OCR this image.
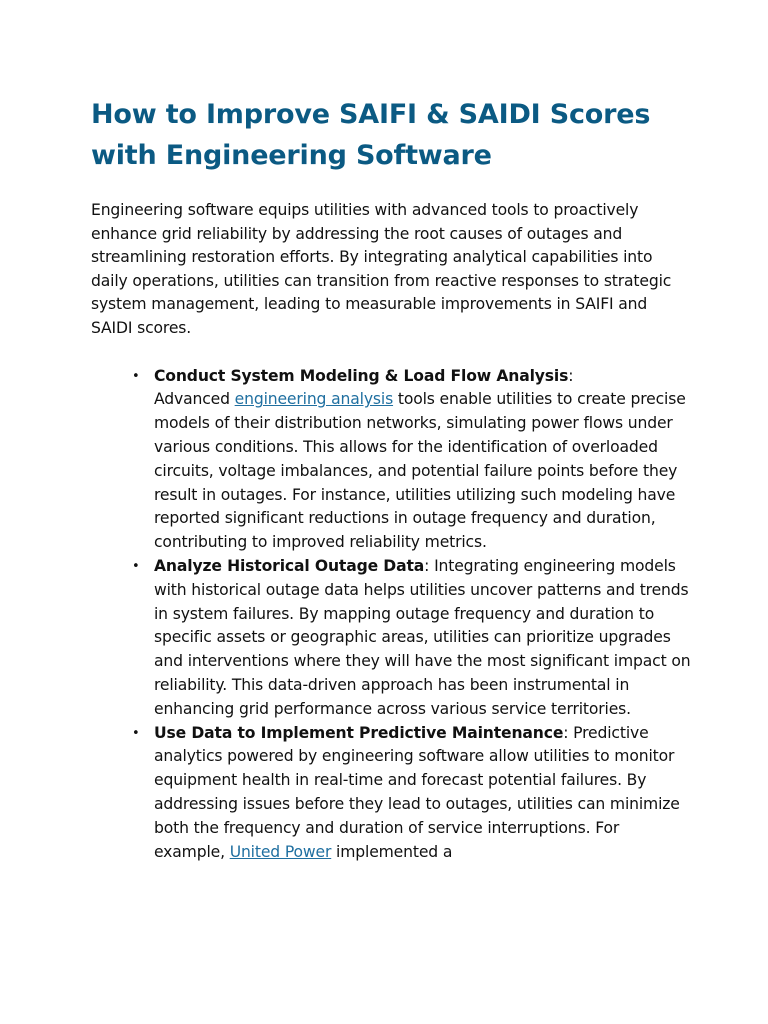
How to Improve SAIFI & SAIDI Scores with Engineering Software

Engineering software equips utilities with advanced tools to proactively enhance grid reliability by addressing the root causes of outages and streamlining restoration efforts. By integrating analytical capabilities into daily operations, utilities can transition from reactive responses to strategic system management, leading to measurable improvements in SAIFI and SAIDI scores.

• Conduct System Modeling & Load Flow Analysis:
Advanced engineering analysis tools enable utilities to create precise models of their distribution networks, simulating power flows under various conditions. This allows for the identification of overloaded circuits, voltage imbalances, and potential failure points before they result in outages. For instance, utilities utilizing such modeling have reported significant reductions in outage frequency and duration, contributing to improved reliability metrics.
• Analyze Historical Outage Data: Integrating engineering models with historical outage data helps utilities uncover patterns and trends in system failures. By mapping outage frequency and duration to specific assets or geographic areas, utilities can prioritize upgrades and interventions where they will have the most significant impact on reliability. This data-driven approach has been instrumental in enhancing grid performance across various service territories.
• Use Data to Implement Predictive Maintenance: Predictive analytics powered by engineering software allow utilities to monitor equipment health in real-time and forecast potential failures. By addressing issues before they lead to outages, utilities can minimize both the frequency and duration of service interruptions. For example, United Power implemented a
